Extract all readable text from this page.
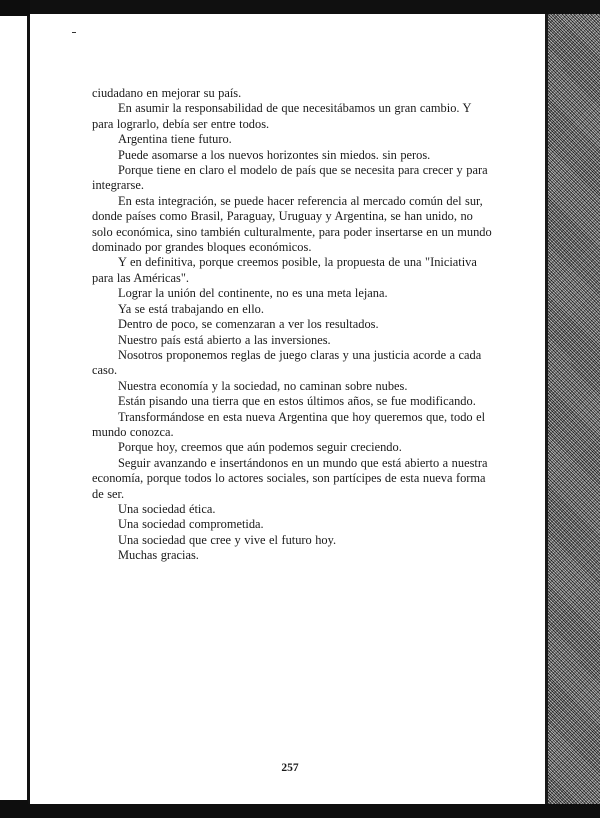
ciudadano en mejorar su país.

En asumir la responsabilidad de que necesitábamos un gran cambio. Y para lograrlo, debía ser entre todos.

Argentina tiene futuro.

Puede asomarse a los nuevos horizontes sin miedos. sin peros.

Porque tiene en claro el modelo de país que se necesita para crecer y para integrarse.

En esta integración, se puede hacer referencia al mercado común del sur, donde países como Brasil, Paraguay, Uruguay y Argentina, se han unido, no solo económica, sino también culturalmente, para poder insertarse en un mundo dominado por grandes bloques económicos.

Y en definitiva, porque creemos posible, la propuesta de una "Iniciativa para las Américas".

Lograr la unión del continente, no es una meta lejana.

Ya se está trabajando en ello.

Dentro de poco, se comenzaran a ver los resultados.

Nuestro país está abierto a las inversiones.

Nosotros proponemos reglas de juego claras y una justicia acorde a cada caso.

Nuestra economía y la sociedad, no caminan sobre nubes.

Están pisando una tierra que en estos últimos años, se fue modificando.

Transformándose en esta nueva Argentina que hoy queremos que, todo el mundo conozca.

Porque hoy, creemos que aún podemos seguir creciendo.

Seguir avanzando e insertándonos en un mundo que está abierto a nuestra economía, porque todos lo actores sociales, son partícipes de esta nueva forma de ser.

Una sociedad ética.

Una sociedad comprometida.

Una sociedad que cree y vive el futuro hoy.

Muchas gracias.

257
